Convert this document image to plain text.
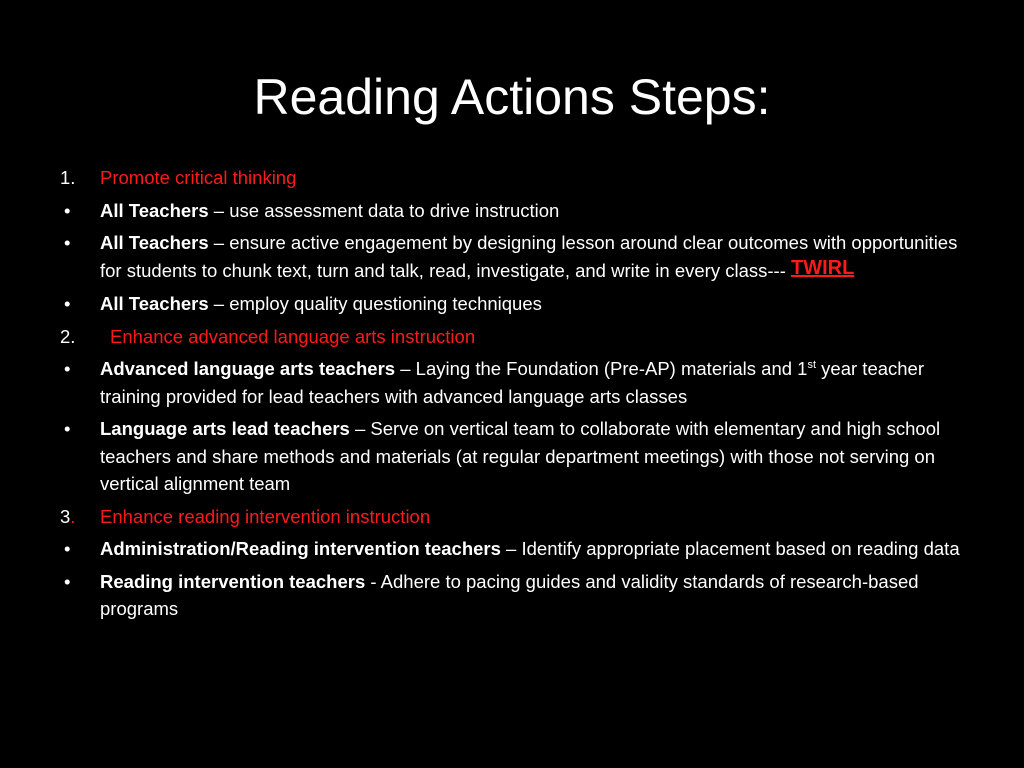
Reading Actions Steps:
1.	Promote critical thinking
•	All Teachers – use assessment data to drive instruction
•	All Teachers – ensure active engagement by designing lesson around clear outcomes with opportunities for students to chunk text, turn and talk, read, investigate, and write in every class--- TWIRL
•	All Teachers – employ quality questioning techniques
2.	Enhance advanced language arts instruction
•	Advanced language arts teachers – Laying the Foundation (Pre-AP) materials and 1st year teacher training provided for lead teachers with advanced language arts classes
•	Language arts lead teachers – Serve on vertical team to collaborate with elementary and high school teachers and share methods and materials (at regular department meetings) with those not serving on vertical alignment team
3.	Enhance reading intervention instruction
•	Administration/Reading intervention teachers – Identify appropriate placement based on reading data
•	Reading intervention teachers - Adhere to pacing guides and validity standards of research-based programs
